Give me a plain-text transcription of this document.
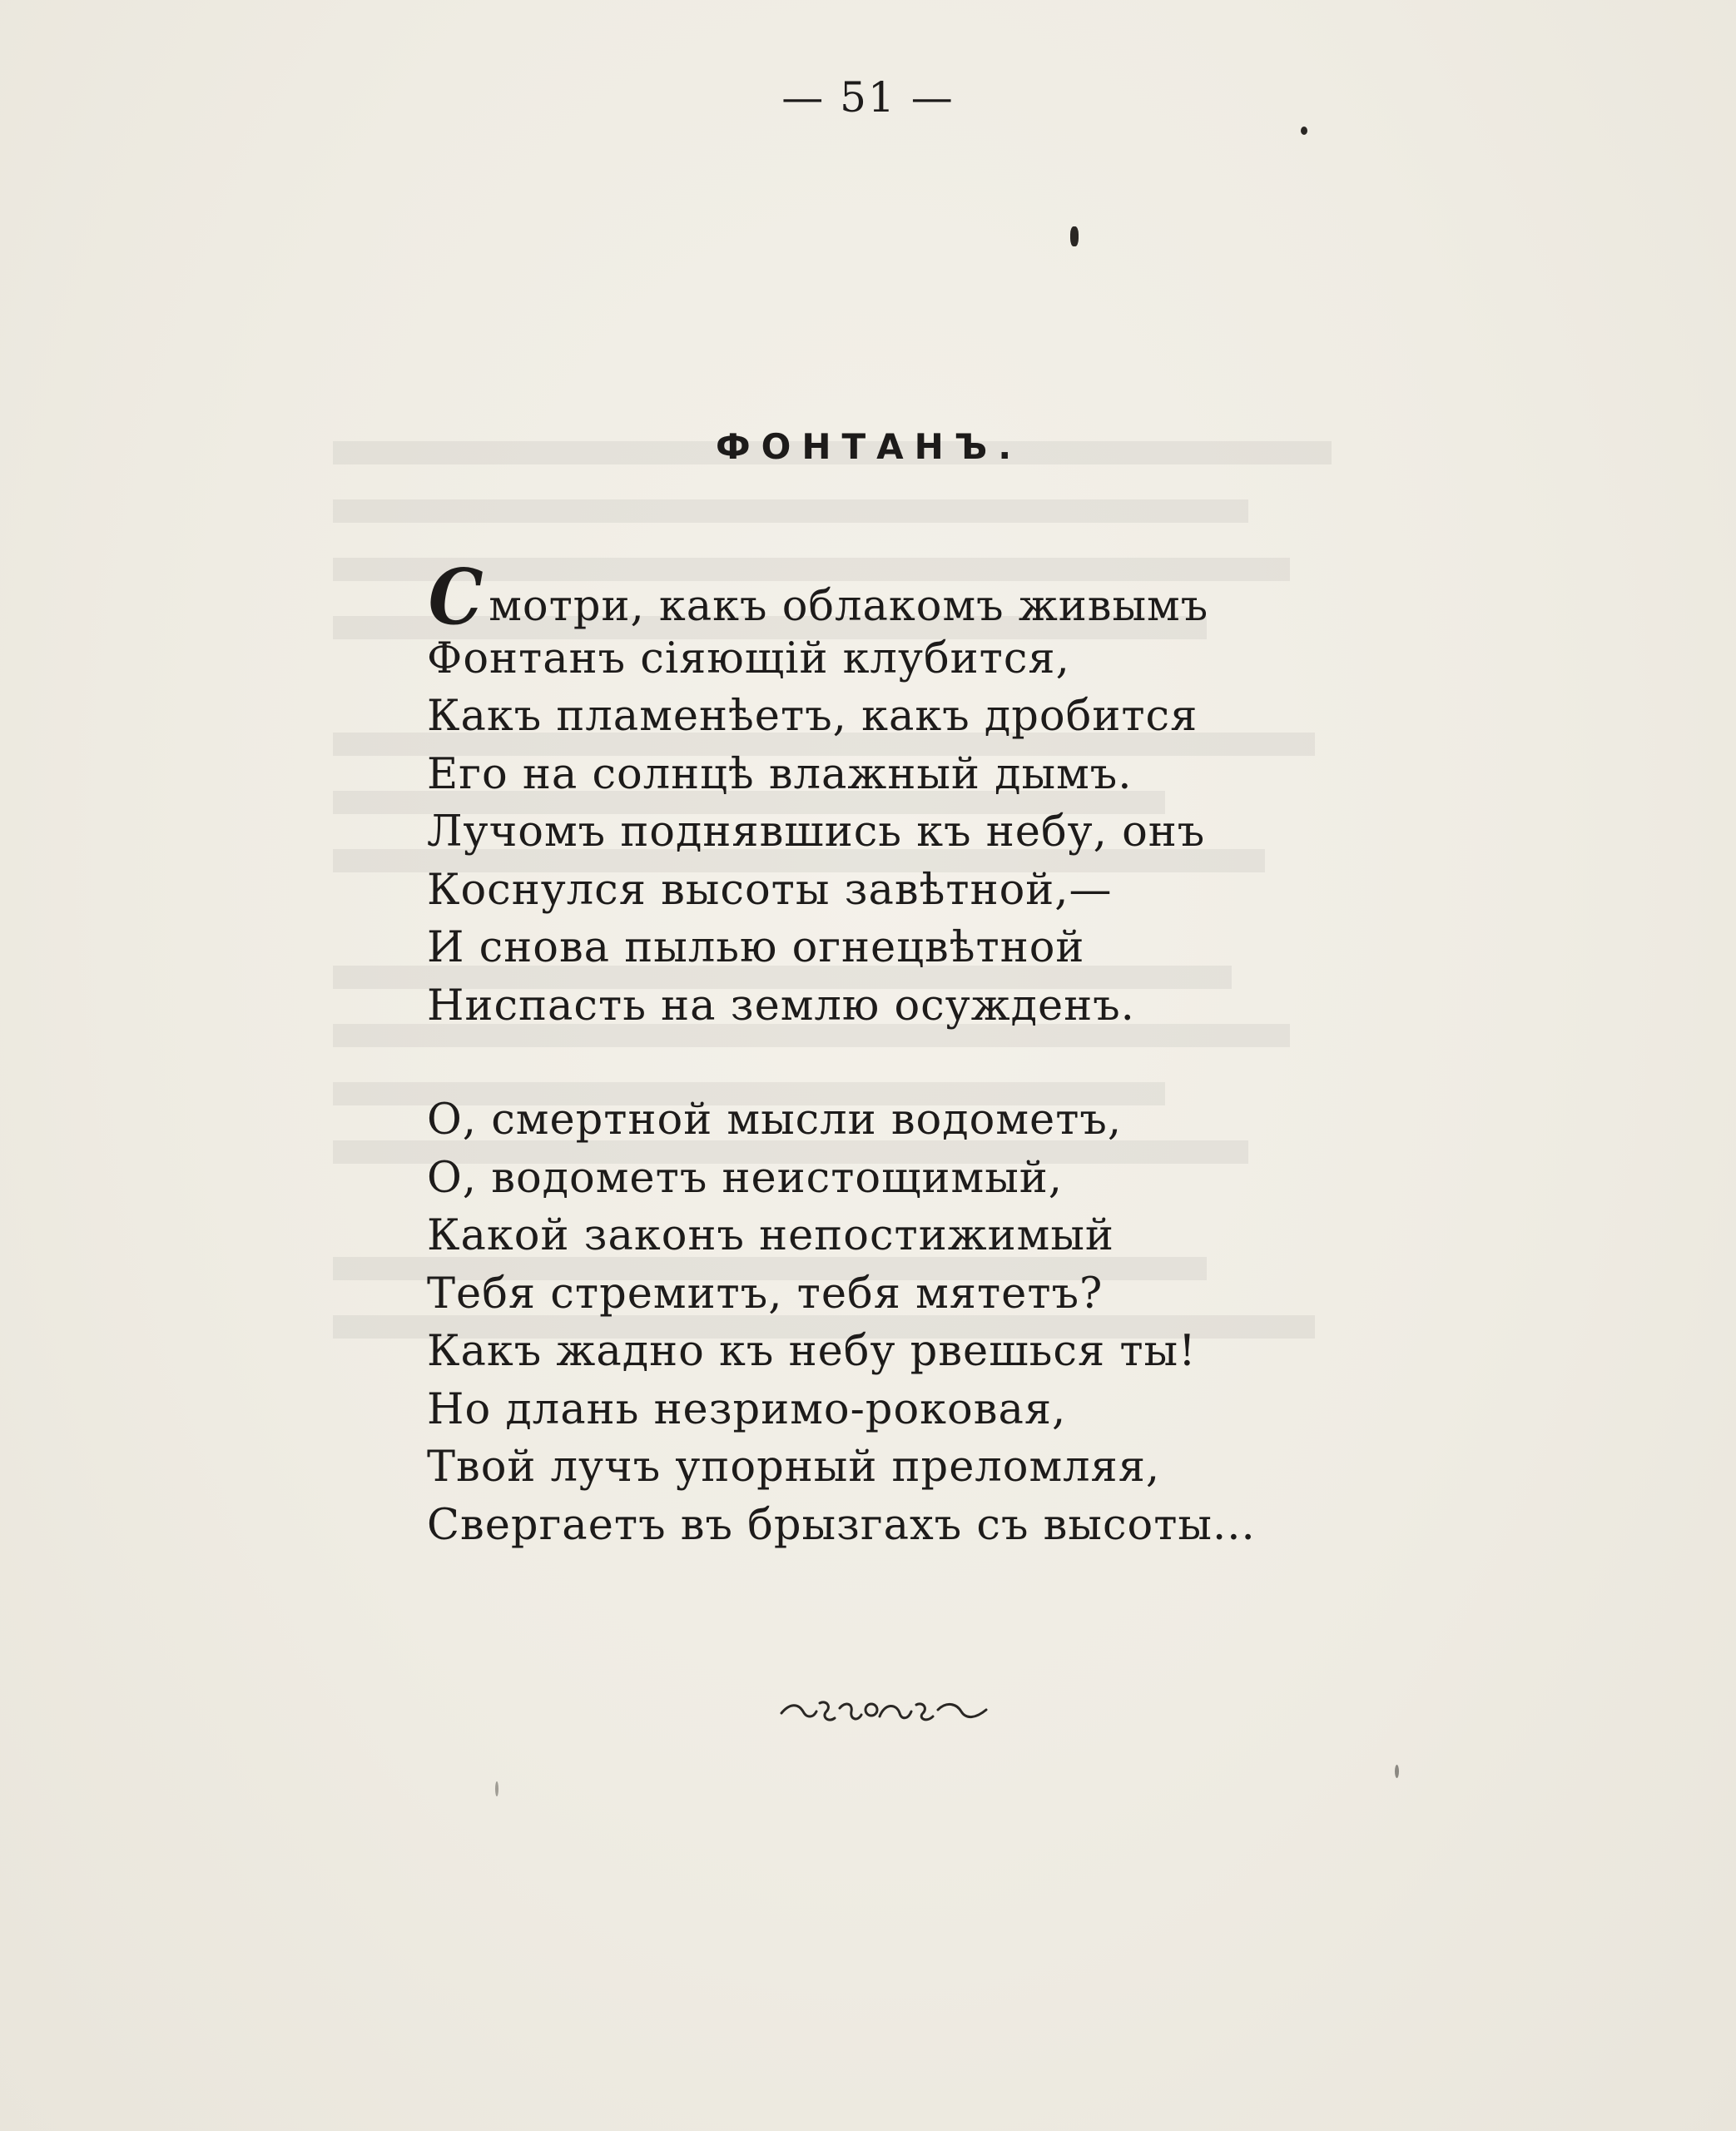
— 51 —
ФОНТАНЪ.
Смотри, какъ облакомъ живымъ
Фонтанъ сіяющій клубится,
Какъ пламенѣетъ, какъ дробится
Его на солнцѣ влажный дымъ.
Лучомъ поднявшись къ небу, онъ
Коснулся высоты завѣтной,—
И снова пылью огнецвѣтной
Ниспасть на землю осужденъ.
О, смертной мысли водометъ,
О, водометъ неистощимый,
Какой законъ непостижимый
Тебя стремитъ, тебя мятетъ?
Какъ жадно къ небу рвешься ты!
Но длань незримо-роковая,
Твой лучъ упорный преломляя,
Свергаетъ въ брызгахъ съ высоты...
